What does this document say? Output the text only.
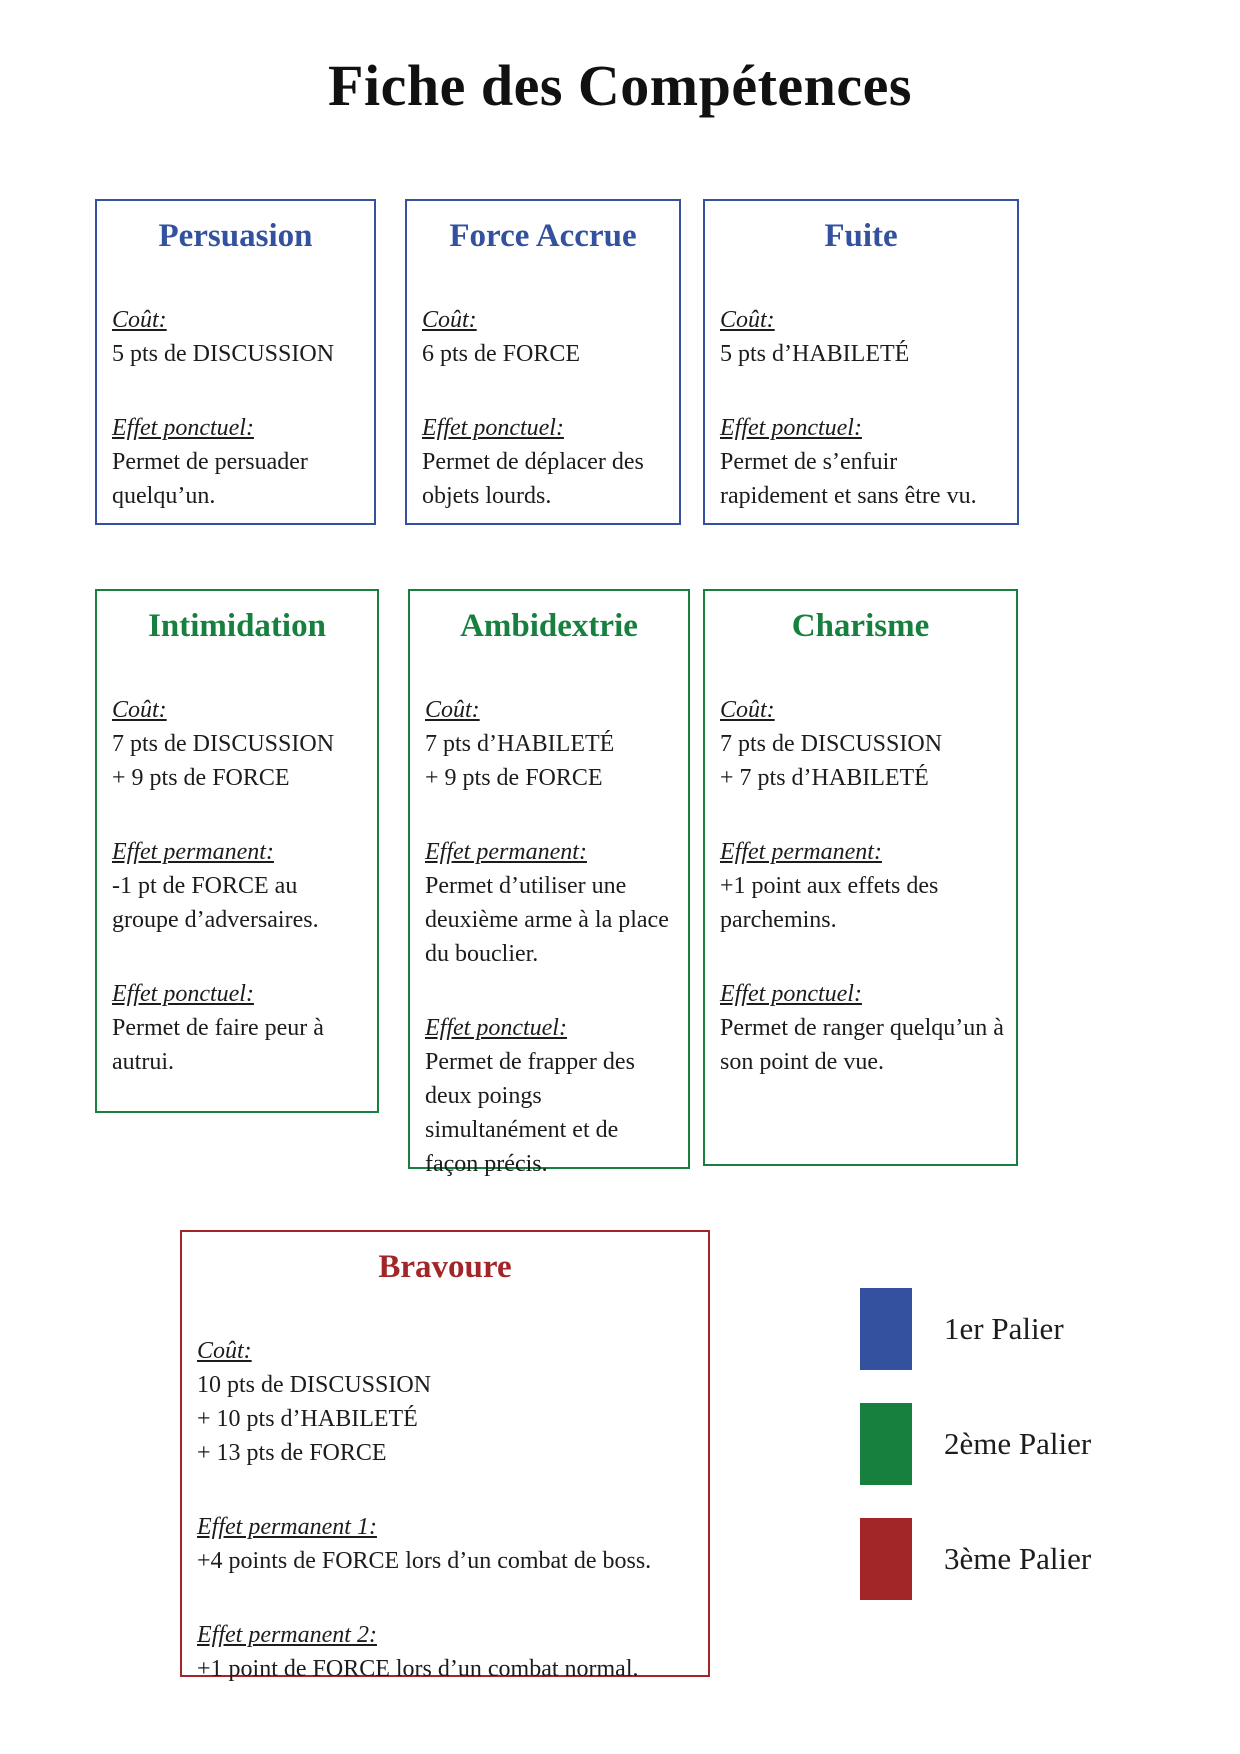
Fiche des Compétences
Persuasion
Coût:
5 pts de DISCUSSION
Effet ponctuel:
Permet de persuader quelqu’un.
Force Accrue
Coût:
6 pts de FORCE
Effet ponctuel:
Permet de déplacer des objets lourds.
Fuite
Coût:
5 pts d’HABILETÉ
Effet ponctuel:
Permet de s’enfuir rapidement et sans être vu.
Intimidation
Coût:
7 pts de DISCUSSION
+ 9 pts de FORCE
Effet permanent:
-1 pt de FORCE au groupe d’adversaires.
Effet ponctuel:
Permet de faire peur à autrui.
Ambidextrie
Coût:
7 pts d’HABILETÉ
+ 9 pts de FORCE
Effet permanent:
Permet d’utiliser une deuxième arme à la place du bouclier.
Effet ponctuel:
Permet de frapper des deux poings simultanément et de façon précis.
Charisme
Coût:
7 pts de DISCUSSION
+ 7 pts d’HABILETÉ
Effet permanent:
+1 point aux effets des parchemins.
Effet ponctuel:
Permet de ranger quelqu’un à son point de vue.
Bravoure
Coût:
10 pts de DISCUSSION
+ 10 pts d’HABILETÉ
+ 13 pts de FORCE
Effet permanent 1:
+4 points de FORCE lors d’un combat de boss.
Effet permanent 2:
+1 point de FORCE lors d’un combat normal.
1er Palier
2ème Palier
3ème Palier
